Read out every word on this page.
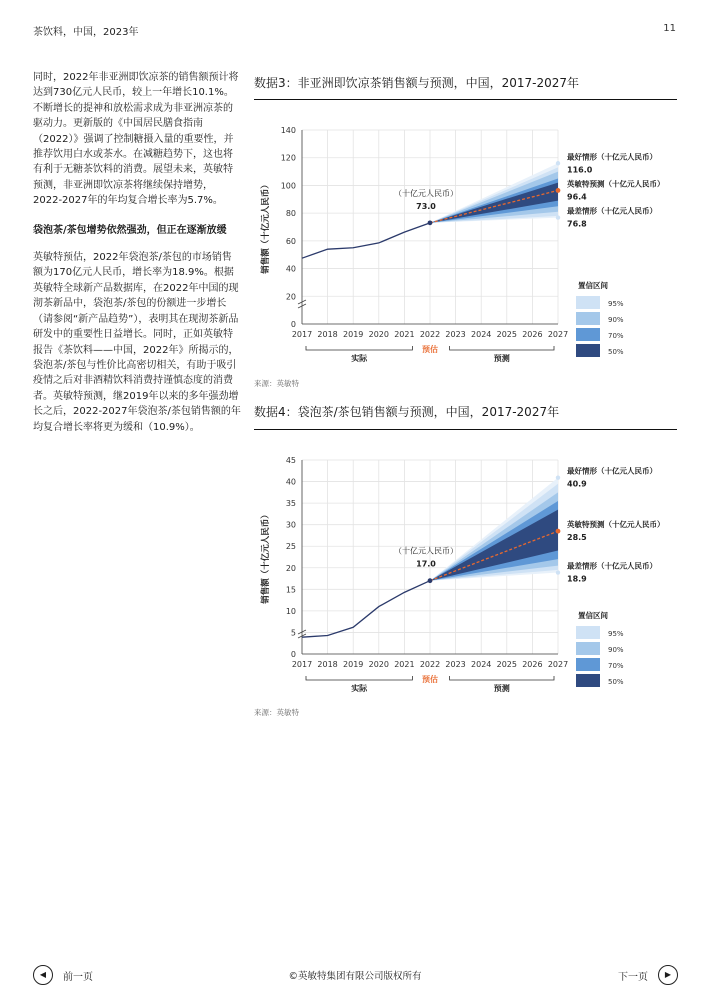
茶饮料，中国，2023年	11

同时，2022年非亚洲即饮凉茶的销售额预计将达到730亿元人民币，较上一年增长10.1%。不断增长的提神和放松需求成为非亚洲凉茶的驱动力。更新版的《中国居民膳食指南（2022）》强调了控制糖摄入量的重要性，并推荐饮用白水或茶水。在减糖趋势下，这也将有利于无糖茶饮料的消费。展望未来，英敏特预测，非亚洲即饮凉茶将继续保持增势，2022-2027年的年均复合增长率为5.7%。

袋泡茶/茶包增势依然强劲，但正在逐渐放缓

英敏特预估，2022年袋泡茶/茶包的市场销售额为170亿元人民币，增长率为18.9%。根据英敏特全球新产品数据库，在2022年中国的现沏茶新品中，袋泡茶/茶包的份额进一步增长（请参阅“新产品趋势”），表明其在现沏茶新品研发中的重要性日益增长。同时，正如英敏特报告《茶饮料——中国，2022年》所揭示的，袋泡茶/茶包与性价比高密切相关，有助于吸引疫情之后对非酒精饮料消费持谨慎态度的消费者。英敏特预测，继2019年以来的多年强劲增长之后，2022-2027年袋泡茶/茶包销售额的年均复合增长率将更为缓和（10.9%）。

数据3：非亚洲即饮凉茶销售额与预测，中国，2017-2027年
0
20
40
60
80
100
120
140
销售额（十亿元人民币）
2017 2018 2019 2020 2021 2022 2023 2024 2025 2026 2027
（十亿元人民币）
73.0
最好情形（十亿元人民币）
116.0
英敏特预测（十亿元人民币）
96.4
最差情形（十亿元人民币）
76.8
置信区间
95%
90%
70%
50%
实际
预估
预测
来源：英敏特
数据4：袋泡茶/茶包销售额与预测，中国，2017-2027年
0
5
10
15
20
25
30
35
40
45
销售额（十亿元人民币）
2017 2018 2019 2020 2021 2022 2023 2024 2025 2026 2027
（十亿元人民币）
17.0
最好情形（十亿元人民币）
40.9
英敏特预测（十亿元人民币）
28.5
最差情形（十亿元人民币）
18.9
置信区间
95%
90%
70%
50%
实际
预估
预测
来源：英敏特
◀	前一页	©英敏特集团有限公司版权所有	下一页	▶
